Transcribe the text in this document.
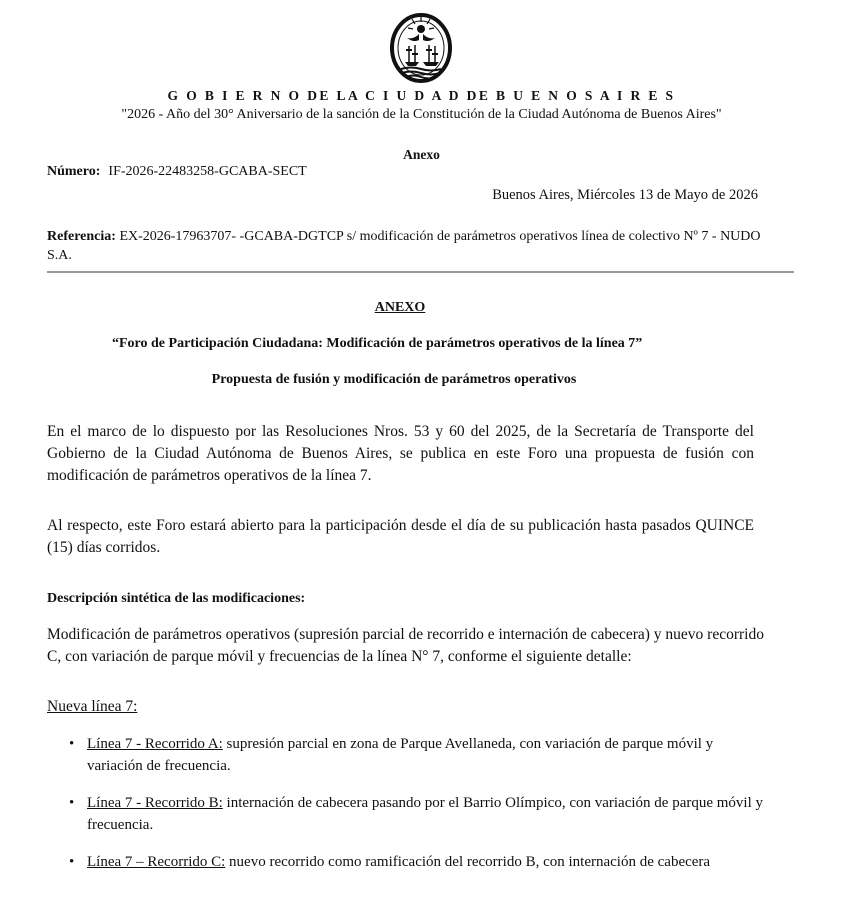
G O B I E R N O DE LA C I U D A D DE B U E N O S A I R E S
"2026 - Año del 30° Aniversario de la sanción de la Constitución de la Ciudad Autónoma de Buenos Aires"
Anexo
Número: IF-2026-22483258-GCABA-SECT
Buenos Aires, Miércoles 13 de Mayo de 2026
Referencia: EX-2026-17963707- -GCABA-DGTCP s/ modificación de parámetros operativos línea de colectivo Nº 7 - NUDO S.A.
ANEXO
“Foro de Participación Ciudadana: Modificación de parámetros operativos de la línea 7”
Propuesta de fusión y modificación de parámetros operativos
En el marco de lo dispuesto por las Resoluciones Nros. 53 y 60 del 2025, de la Secretaría de Transporte del Gobierno de la Ciudad Autónoma de Buenos Aires, se publica en este Foro una propuesta de fusión con modificación de parámetros operativos de la línea 7.
Al respecto, este Foro estará abierto para la participación desde el día de su publicación hasta pasados QUINCE (15) días corridos.
Descripción sintética de las modificaciones:
Modificación de parámetros operativos (supresión parcial de recorrido e internación de cabecera) y nuevo recorrido C, con variación de parque móvil y frecuencias de la línea N° 7, conforme el siguiente detalle:
Nueva línea 7:
• Línea 7 - Recorrido A: supresión parcial en zona de Parque Avellaneda, con variación de parque móvil y variación de frecuencia.
• Línea 7 - Recorrido B: internación de cabecera pasando por el Barrio Olímpico, con variación de parque móvil y frecuencia.
• Línea 7 – Recorrido C: nuevo recorrido como ramificación del recorrido B, con internación de cabecera
